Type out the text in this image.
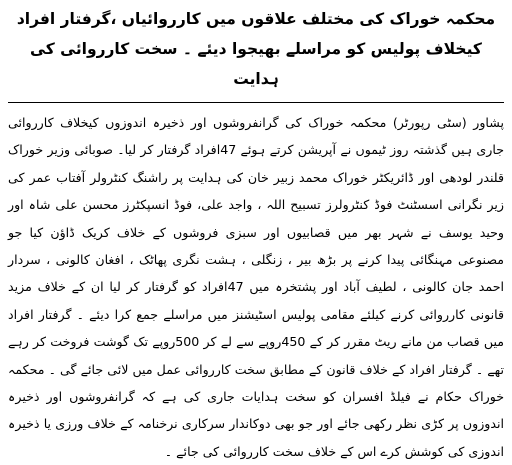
محکمہ خوراک کی مختلف علاقوں میں کارروائیاں ،گرفتار افراد کیخلاف پولیس کو مراسلے بھیجوا دیئے ۔ سخت کارروائی کی ہدایت

پشاور (سٹی رپورٹر) محکمہ خوراک کی گرانفروشوں اور ذخیرہ اندوزوں کیخلاف کارروائی جاری ہیں گذشتہ روز ٹیموں نے آپریشن کرتے ہوئے 47افراد گرفتار کر لیا۔ صوبائی وزیر خوراک قلندر لودھی اور ڈائریکٹر خوراک محمد زبیر خان کی ہدایت پر راشنگ کنٹرولر آفتاب عمر کی زیر نگرانی اسسٹنٹ فوڈ کنٹرولرز تسبیح اللہ ، واجد علی، فوڈ انسپکٹرز محسن علی شاہ اور وحید یوسف نے شہر بھر میں قصابیوں اور سبزی فروشوں کے خلاف کریک ڈاؤن کیا جو مصنوعی مہنگائی پیدا کرنے پر بڑھ بیر ، زنگلی ، ہشت نگری پھاٹک ، افغان کالونی ، سردار احمد جان کالونی ، لطیف آباد اور پشتخرہ میں 47افراد کو گرفتار کر لیا ان کے خلاف مزید قانونی کارروائی کرنے کیلئے مقامی پولیس اسٹیشنز میں مراسلے جمع کرا دیئے ۔ گرفتار افراد میں قصاب من مانے ریٹ مقرر کر کے 450روپے سے لے کر 500روپے تک گوشت فروخت کر رہے تھے ۔ گرفتار افراد کے خلاف قانون کے مطابق سخت کارروائی عمل میں لائی جائے گی ۔ محکمہ خوراک حکام نے فیلڈ افسران کو سخت ہدایات جاری کی ہے کہ گرانفروشوں اور ذخیرہ اندوزوں پر کڑی نظر رکھی جائے اور جو بھی دوکاندار سرکاری نرخنامہ کے خلاف ورزی یا ذخیرہ اندوزی کی کوشش کرے اس کے خلاف سخت کارروائی کی جائے ۔
